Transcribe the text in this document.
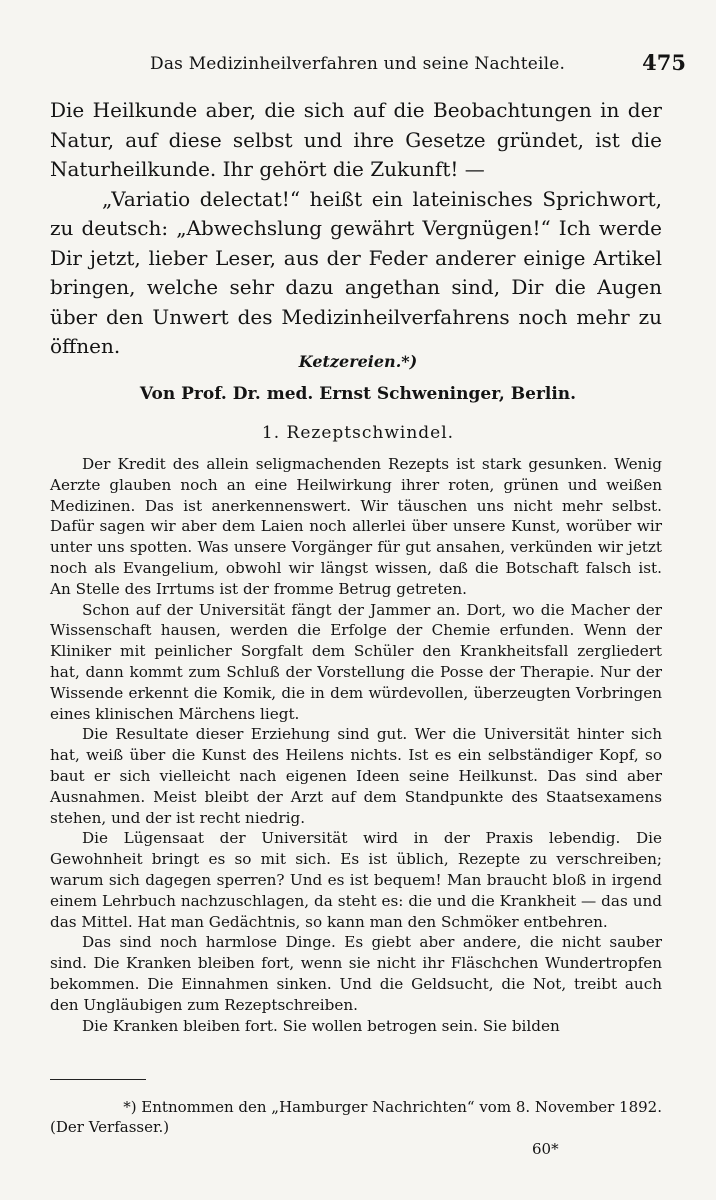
Das Medizinheilverfahren und seine Nachteile.	475

Die Heilkunde aber, die sich auf die Beobachtungen in der Natur, auf diese selbst und ihre Gesetze gründet, ist die Naturheilkunde. Ihr gehört die Zukunft! —

„Variatio delectat!“ heißt ein lateinisches Sprichwort, zu deutsch: „Abwechslung gewährt Vergnügen!“ Ich werde Dir jetzt, lieber Leser, aus der Feder anderer einige Artikel bringen, welche sehr dazu angethan sind, Dir die Augen über den Unwert des Medizinheilverfahrens noch mehr zu öffnen.

Ketzereien.*)
Von Prof. Dr. med. Ernst Schweninger, Berlin.
1. Rezeptschwindel.

Der Kredit des allein seligmachenden Rezepts ist stark gesunken. Wenig Aerzte glauben noch an eine Heilwirkung ihrer roten, grünen und weißen Medizinen. Das ist anerkennenswert. Wir täuschen uns nicht mehr selbst. Dafür sagen wir aber dem Laien noch allerlei über unsere Kunst, worüber wir unter uns spotten. Was unsere Vorgänger für gut ansahen, verkünden wir jetzt noch als Evangelium, obwohl wir längst wissen, daß die Botschaft falsch ist. An Stelle des Irrtums ist der fromme Betrug getreten.

Schon auf der Universität fängt der Jammer an. Dort, wo die Macher der Wissenschaft hausen, werden die Erfolge der Chemie erfunden. Wenn der Kliniker mit peinlicher Sorgfalt dem Schüler den Krankheitsfall zergliedert hat, dann kommt zum Schluß der Vorstellung die Posse der Therapie. Nur der Wissende erkennt die Komik, die in dem würdevollen, überzeugten Vorbringen eines klinischen Märchens liegt.

Die Resultate dieser Erziehung sind gut. Wer die Universität hinter sich hat, weiß über die Kunst des Heilens nichts. Ist es ein selbständiger Kopf, so baut er sich vielleicht nach eigenen Ideen seine Heilkunst. Das sind aber Ausnahmen. Meist bleibt der Arzt auf dem Standpunkte des Staatsexamens stehen, und der ist recht niedrig.

Die Lügensaat der Universität wird in der Praxis lebendig. Die Gewohnheit bringt es so mit sich. Es ist üblich, Rezepte zu verschreiben; warum sich dagegen sperren? Und es ist bequem! Man braucht bloß in irgend einem Lehrbuch nachzuschlagen, da steht es: die und die Krankheit — das und das Mittel. Hat man Gedächtnis, so kann man den Schmöker entbehren.

Das sind noch harmlose Dinge. Es giebt aber andere, die nicht sauber sind. Die Kranken bleiben fort, wenn sie nicht ihr Fläschchen Wundertropfen bekommen. Die Einnahmen sinken. Und die Geldsucht, die Not, treibt auch den Ungläubigen zum Rezeptschreiben.

Die Kranken bleiben fort. Sie wollen betrogen sein. Sie bilden

*) Entnommen den „Hamburger Nachrichten“ vom 8. November 1892.
(Der Verfasser.)
60*
